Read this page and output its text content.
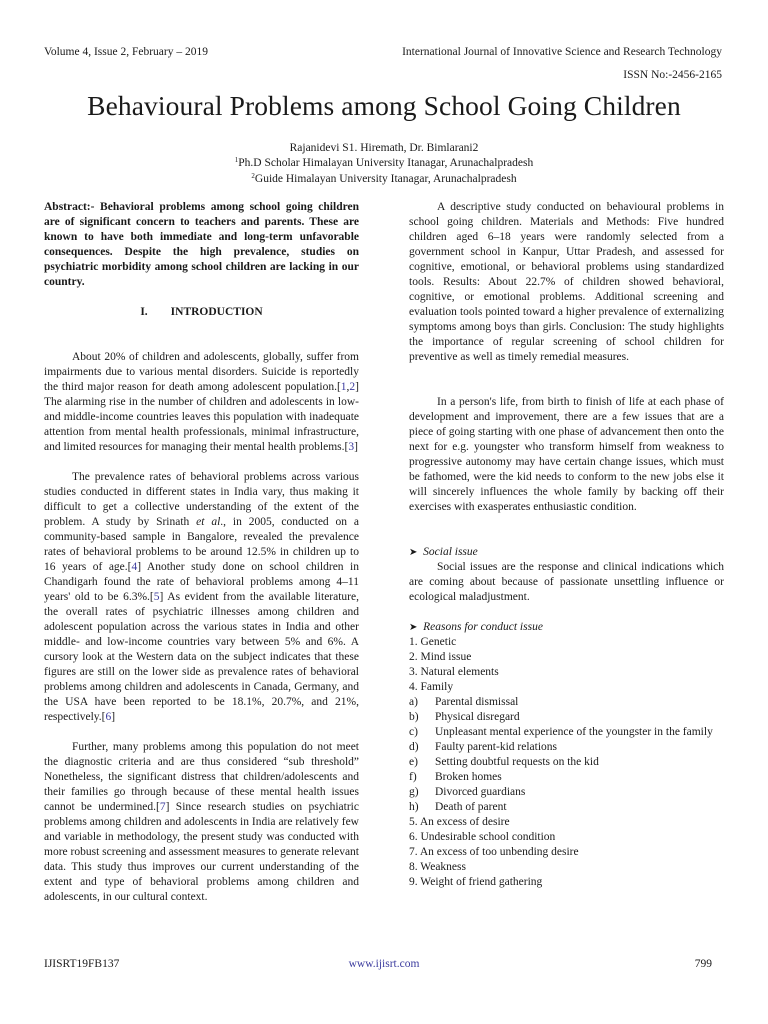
Volume 4, Issue 2, February – 2019	International Journal of Innovative Science and Research Technology
ISSN No:-2456-2165
Behavioural Problems among School Going Children
Rajanidevi S1. Hiremath, Dr. Bimlarani2
$^1$Ph.D Scholar Himalayan University Itanagar, Arunachalpradesh
$^2$Guide Himalayan University Itanagar, Arunachalpradesh

Abstract:- Behavioral problems among school going children are of significant concern to teachers and parents. These are known to have both immediate and long-term unfavorable consequences. Despite the high prevalence, studies on psychiatric morbidity among school children are lacking in our country.

I.  INTRODUCTION

About 20% of children and adolescents, globally, suffer from impairments due to various mental disorders. Suicide is reportedly the third major reason for death among adolescent population.[1,2] The alarming rise in the number of children and adolescents in low- and middle-income countries leaves this population with inadequate attention from mental health professionals, minimal infrastructure, and limited resources for managing their mental health problems.[3]

The prevalence rates of behavioral problems across various studies conducted in different states in India vary, thus making it difficult to get a collective understanding of the extent of the problem. A study by Srinath et al., in 2005, conducted on a community-based sample in Bangalore, revealed the prevalence rates of behavioral problems to be around 12.5% in children up to 16 years of age.[4] Another study done on school children in Chandigarh found the rate of behavioral problems among 4–11 years' old to be 6.3%.[5] As evident from the available literature, the overall rates of psychiatric illnesses among children and adolescent population across the various states in India and other middle- and low-income countries vary between 5% and 6%. A cursory look at the Western data on the subject indicates that these figures are still on the lower side as prevalence rates of behavioral problems among children and adolescents in Canada, Germany, and the USA have been reported to be 18.1%, 20.7%, and 21%, respectively.[6]

Further, many problems among this population do not meet the diagnostic criteria and are thus considered “sub threshold” Nonetheless, the significant distress that children/adolescents and their families go through because of these mental health issues cannot be undermined.[7] Since research studies on psychiatric problems among children and adolescents in India are relatively few and variable in methodology, the present study was conducted with more robust screening and assessment measures to generate relevant data. This study thus improves our current understanding of the extent and type of behavioral problems among children and adolescents, in our cultural context.

A descriptive study conducted on behavioural problems in school going children. Materials and Methods: Five hundred children aged 6–18 years were randomly selected from a government school in Kanpur, Uttar Pradesh, and assessed for cognitive, emotional, or behavioral problems using standardized tools. Results: About 22.7% of children showed behavioral, cognitive, or emotional problems. Additional screening and evaluation tools pointed toward a higher prevalence of externalizing symptoms among boys than girls. Conclusion: The study highlights the importance of regular screening of school children for preventive as well as timely remedial measures.

In a person's life, from birth to finish of life at each phase of development and improvement, there are a few issues that are a piece of going starting with one phase of advancement then onto the next for e.g. youngster who transform himself from weakness to progressive autonomy may have certain change issues, which must be fathomed, were the kid needs to conform to the new jobs else it will sincerely influences the whole family by backing off their exercises with exasperates enthusiastic condition.

➤ Social issue

Social issues are the response and clinical indications which are coming about because of passionate unsettling influence or ecological maladjustment.

➤ Reasons for conduct issue

1. Genetic

2. Mind issue

3. Natural elements

4. Family

a) Parental dismissal

b) Physical disregard

c) Unpleasant mental experience of the youngster in the family

d) Faulty parent-kid relations

e) Setting doubtful requests on the kid

f) Broken homes

g) Divorced guardians

h) Death of parent

5. An excess of desire

6. Undesirable school condition

7. An excess of too unbending desire

8. Weakness

9. Weight of friend gathering

IJISRT19FB137	www.ijisrt.com	799
